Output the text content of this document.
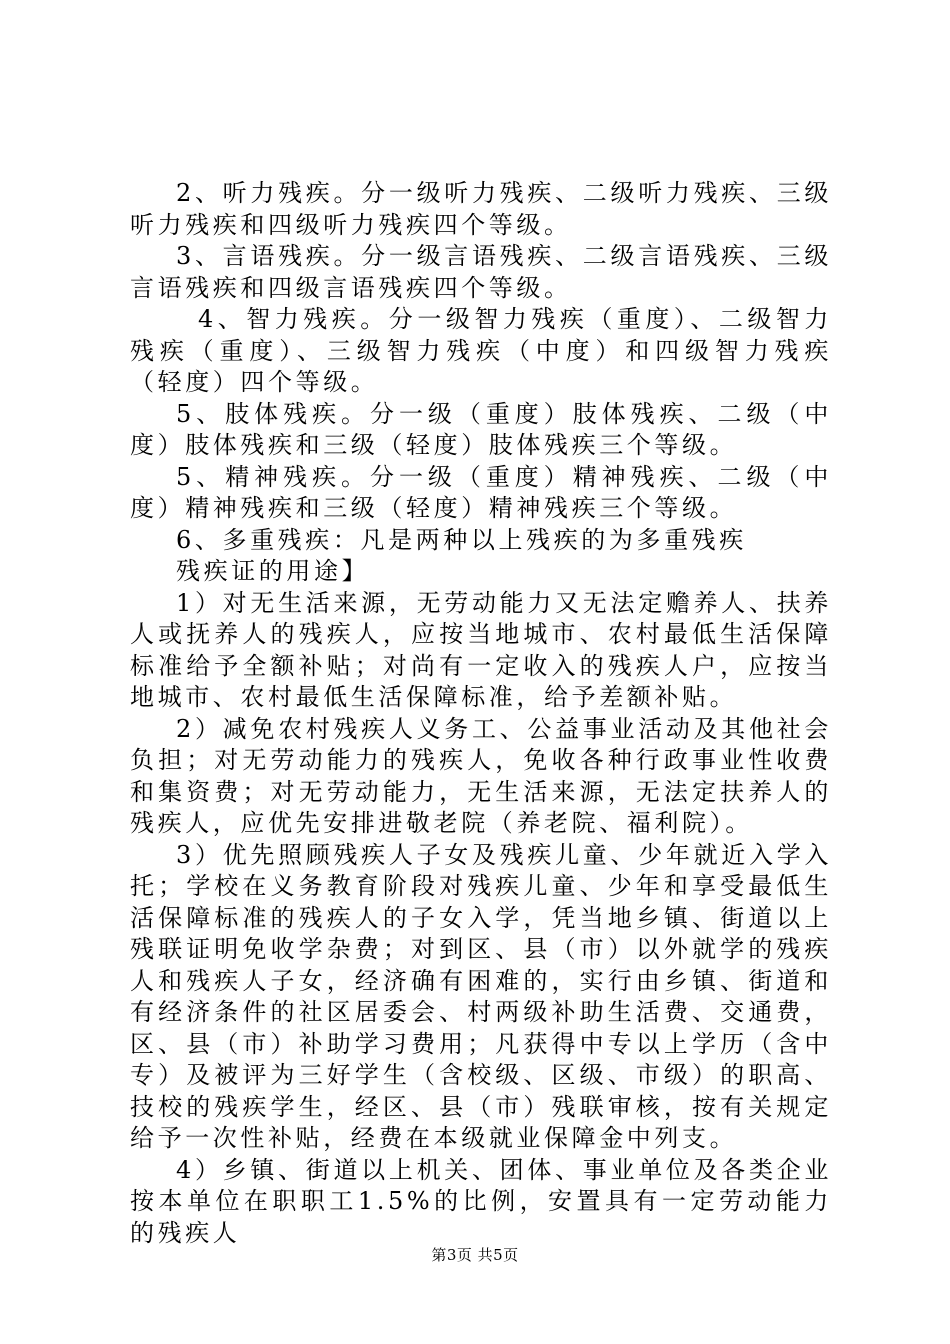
2、听力残疾。分一级听力残疾、二级听力残疾、三级听力残疾和四级听力残疾四个等级。

3、言语残疾。分一级言语残疾、二级言语残疾、三级言语残疾和四级言语残疾四个等级。

4、智力残疾。分一级智力残疾（重度）、二级智力残疾（重度）、三级智力残疾（中度）和四级智力残疾（轻度）四个等级。

5、肢体残疾。分一级（重度）肢体残疾、二级（中度）肢体残疾和三级（轻度）肢体残疾三个等级。

5、精神残疾。分一级（重度）精神残疾、二级（中度）精神残疾和三级（轻度）精神残疾三个等级。

6、多重残疾：凡是两种以上残疾的为多重残疾

残疾证的用途】

1）对无生活来源，无劳动能力又无法定赡养人、扶养人或抚养人的残疾人，应按当地城市、农村最低生活保障标准给予全额补贴；对尚有一定收入的残疾人户，应按当地城市、农村最低生活保障标准，给予差额补贴。

2）减免农村残疾人义务工、公益事业活动及其他社会负担；对无劳动能力的残疾人，免收各种行政事业性收费和集资费；对无劳动能力，无生活来源，无法定扶养人的残疾人，应优先安排进敬老院（养老院、福利院）。

3）优先照顾残疾人子女及残疾儿童、少年就近入学入托；学校在义务教育阶段对残疾儿童、少年和享受最低生活保障标准的残疾人的子女入学，凭当地乡镇、街道以上残联证明免收学杂费；对到区、县（市）以外就学的残疾人和残疾人子女，经济确有困难的，实行由乡镇、街道和有经济条件的社区居委会、村两级补助生活费、交通费，区、县（市）补助学习费用；凡获得中专以上学历（含中专）及被评为三好学生（含校级、区级、市级）的职高、技校的残疾学生，经区、县（市）残联审核，按有关规定给予一次性补贴，经费在本级就业保障金中列支。

4）乡镇、街道以上机关、团体、事业单位及各类企业按本单位在职职工1.5%的比例，安置具有一定劳动能力的残疾人

第3页 共5页
